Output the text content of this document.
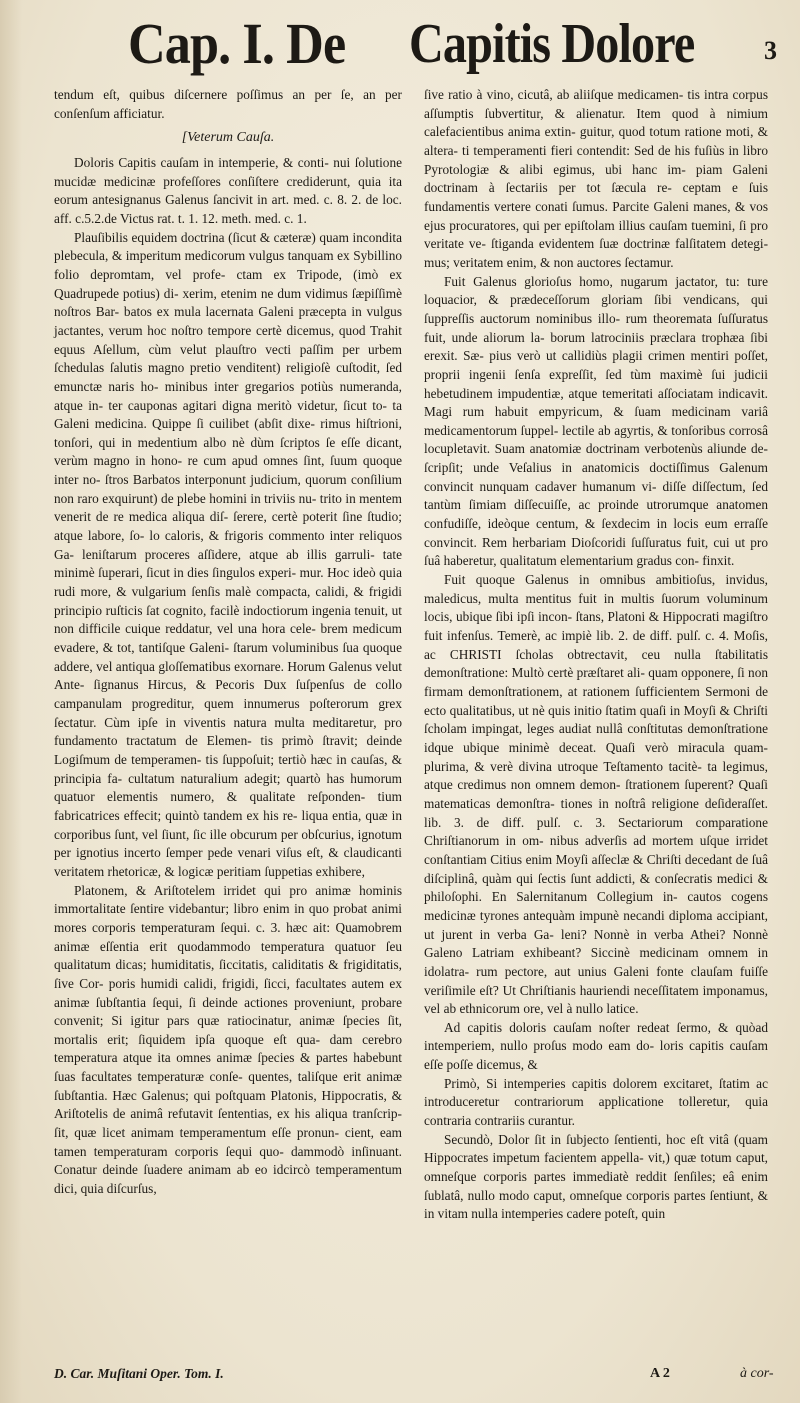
Cap. I. De Capitis Dolore	3

tendum eſt, quibus diſcernere poſſimus an per ſe, an per conſenſum afficiatur.

[Veterum Cauſa.

Doloris Capitis cauſam in intemperie, & conti- nui ſolutione mucidæ medicinæ profeſſores conſiſtere crediderunt, quia ita eorum antesignanus Galenus ſancivit in art. med. c. 8. 2. de loc. aff. c.5.2.de Victus rat. t. 1. 12. meth. med. c. 1.

Plauſibilis equidem doctrina (ſicut & cæteræ) quam incondita plebecula, & imperitum medicorum vulgus tanquam ex Sybillino folio depromtam, vel profe- ctam ex Tripode, (imò ex Quadrupede potius) di- xerim, etenim ne dum vidimus ſæpiſſimè noſtros Bar- batos ex mula lacernata Galeni præcepta in vulgus jactantes, verum hoc noſtro tempore certè dicemus, quod Trahit equus Aſellum, cùm velut plauſtro vecti paſſim per urbem ſchedulas ſalutis magno pretio venditent) religioſè cuſtodit, ſed emunctæ naris ho- minibus inter gregarios potiùs numeranda, atque in- ter cauponas agitari digna meritò videtur, ſicut to- ta Galeni medicina. Quippe ſi cuilibet (abſit dixe- rimus hiſtrioni, tonſori, qui in medentium albo nè dùm ſcriptos ſe eſſe dicant, verùm magno in hono- re cum apud omnes ſint, ſuum quoque inter no- ſtros Barbatos interponunt judicium, quorum conſilium non raro exquirunt) de plebe homini in triviis nu- trito in mentem venerit de re medica aliqua diſ- ſerere, certè poterit ſine ſtudio; atque labore, ſo- lo caloris, & frigoris commento inter reliquos Ga- leniſtarum proceres aſſidere, atque ab illis garruli- tate minimè ſuperari, ſicut in dies ſingulos experi- mur. Hoc ideò quia rudi more, & vulgarium ſenſis malè compacta, calidi, & frigidi principio ruſticis ſat cognito, facilè indoctiorum ingenia tenuit, ut non difficile cuique reddatur, vel una hora cele- brem medicum evadere, & tot, tantiſque Galeni- ſtarum voluminibus ſua quoque addere, vel antiqua gloſſematibus exornare. Horum Galenus velut Ante- ſignanus Hircus, & Pecoris Dux ſuſpenſus de collo campanulam progreditur, quem innumerus poſterorum grex ſectatur. Cùm ipſe in viventis natura multa meditaretur, pro fundamento tractatum de Elemen- tis primò ſtravit; deinde Logiſmum de temperamen- tis ſuppoſuit; tertiò hæc in cauſas, & principia fa- cultatum naturalium adegit; quartò has humorum quatuor elementis numero, & qualitate reſponden- tium fabricatrices effecit; quintò tandem ex his re- liqua entia, quæ in corporibus ſunt, vel ſiunt, ſic ille obcurum per obſcurius, ignotum per ignotius incerto ſemper pede venari viſus eſt, & claudicanti veritatem rhetoricæ, & logicæ peritiam ſuppetias exhibere,

Platonem, & Ariſtotelem irridet qui pro animæ hominis immortalitate ſentire videbantur; libro enim in quo probat animi mores corporis temperaturam ſequi. c. 3. hæc ait: Quamobrem animæ eſſentia erit quodammodo temperatura quatuor ſeu qualitatum dicas; humiditatis, ſiccitatis, caliditatis & frigiditatis, ſive Cor- poris humidi calidi, frigidi, ſicci, facultates autem ex animæ ſubſtantia ſequi, ſi deinde actiones proveniunt, probare convenit; Si igitur pars quæ ratiocinatur, animæ ſpecies ſit, mortalis erit; ſiquidem ipſa quoque eſt qua- dam cerebro temperatura atque ita omnes animæ ſpecies & partes habebunt ſuas facultates temperaturæ conſe- quentes, taliſque erit animæ ſubſtantia. Hæc Galenus; qui poſtquam Platonis, Hippocratis, & Ariſtotelis de animâ refutavit ſententias, ex his aliqua tranſcrip- ſit, quæ licet animam temperamentum eſſe pronun- cient, eam tamen temperaturam corporis ſequi quo- dammodò inſinuant. Conatur deinde ſuadere animam ab eo idcircò temperamentum dici, quia diſcurſus,

ſive ratio à vino, cicutâ, ab aliiſque medicamen- tis intra corpus aſſumptis ſubvertitur, & alienatur. Item quod à nimium calefacientibus anima extin- guitur, quod totum ratione moti, & altera- ti temperamenti fieri contendit: Sed de his fuſiùs in libro Pyrotologiæ & alibi egimus, ubi hanc im- piam Galeni doctrinam à ſectariis per tot ſæcula re- ceptam e ſuis fundamentis vertere conati ſumus. Parcite Galeni manes, & vos ejus procuratores, qui per epiſtolam illius cauſam tuemini, ſi pro veritate ve- ſtiganda evidentem ſuæ doctrinæ falſitatem detegi- mus; veritatem enim, & non auctores ſectamur.

Fuit Galenus glorioſus homo, nugarum jactator, tu: ture loquacior, & prædeceſſorum gloriam ſibi vendicans, qui ſuppreſſis auctorum nominibus illo- rum theoremata ſuſſuratus fuit, unde aliorum la- borum latrociniis præclara trophæa ſibi erexit. Sæ- pius verò ut callidiùs plagii crimen mentiri poſſet, proprii ingenii ſenſa expreſſit, ſed tùm maximè ſui judicii hebetudinem impudentiæ, atque temeritati aſſociatam indicavit. Magi rum habuit empyricum, & ſuam medicinam variâ medicamentorum ſuppel- lectile ab agyrtis, & tonſoribus corrosâ locupletavit. Suam anatomiæ doctrinam verbotenùs aliunde de- ſcripſit; unde Veſalius in anatomicis doctiſſimus Galenum convincit nunquam cadaver humanum vi- diſſe diſſectum, ſed tantùm ſimiam diſſecuiſſe, ac proinde utrorumque anatomen confudiſſe, ideòque centum, & ſexdecim in locis eum erraſſe convincit. Rem herbariam Dioſcoridi ſuſſuratus fuit, cui ut pro ſuâ haberetur, qualitatum elementarium gradus con- finxit.

Fuit quoque Galenus in omnibus ambitioſus, invidus, maledicus, multa mentitus fuit in multis ſuorum voluminum locis, ubique ſibi ipſi incon- ſtans, Platoni & Hippocrati magiſtro fuit infenſus. Temerè, ac impiè lib. 2. de diff. pulſ. c. 4. Moſis, ac CHRISTI ſcholas obtrectavit, ceu nulla ſtabilitatis demonſtratione: Multò certè præſtaret ali- quam opponere, ſi non firmam demonſtrationem, at rationem ſufficientem Sermoni de ecto qualitatibus, ut nè quis initio ſtatim quaſi in Moyſi & Chriſti ſcholam impingat, leges audiat nullâ conſtitutas demonſtratione idque ubique minimè deceat. Quaſi verò miracula quam- plurima, & verè divina utroque Teſtamento tacitè- ta legimus, atque credimus non omnem demon- ſtrationem ſuperent? Quaſi matematicas demonſtra- tiones in noſtrâ religione deſideraſſet. lib. 3. de diff. pulſ. c. 3. Sectariorum comparatione Chriſtianorum in om- nibus adverſis ad mortem uſque irridet conſtantiam Citius enim Moyſi aſſeclæ & Chriſti decedant de ſuâ diſciplinâ, quàm qui ſectis ſunt addicti, & conſecratis medici & philoſophi. En Salernitanum Collegium in- cautos cogens medicinæ tyrones antequàm impunè necandi diploma accipiant, ut jurent in verba Ga- leni? Nonnè in verba Athei? Nonnè Galeno Latriam exhibeant? Siccinè medicinam omnem in idolatra- rum pectore, aut unius Galeni fonte clauſam fuiſſe veriſimile eſt? Ut Chriſtianis hauriendi neceſſitatem imponamus, vel ab ethnicorum ore, vel à nullo latice.

Ad capitis doloris cauſam noſter redeat ſermo, & quòad intemperiem, nullo proſus modo eam do- loris capitis cauſam eſſe poſſe dicemus, &

Primò, Si intemperies capitis dolorem excitaret, ſtatim ac introduceretur contrariorum applicatione tolleretur, quia contraria contrariis curantur.

Secundò, Dolor ſit in ſubjecto ſentienti, hoc eſt vitâ (quam Hippocrates impetum facientem appella- vit,) quæ totum caput, omneſque corporis partes immediatè reddit ſenſiles; eâ enim ſublatâ, nullo modo caput, omneſque corporis partes ſentiunt, & in vitam nulla intemperies cadere poteſt, quin

D. Car. Muſitani Oper. Tom. I.	A 2	à cor-
